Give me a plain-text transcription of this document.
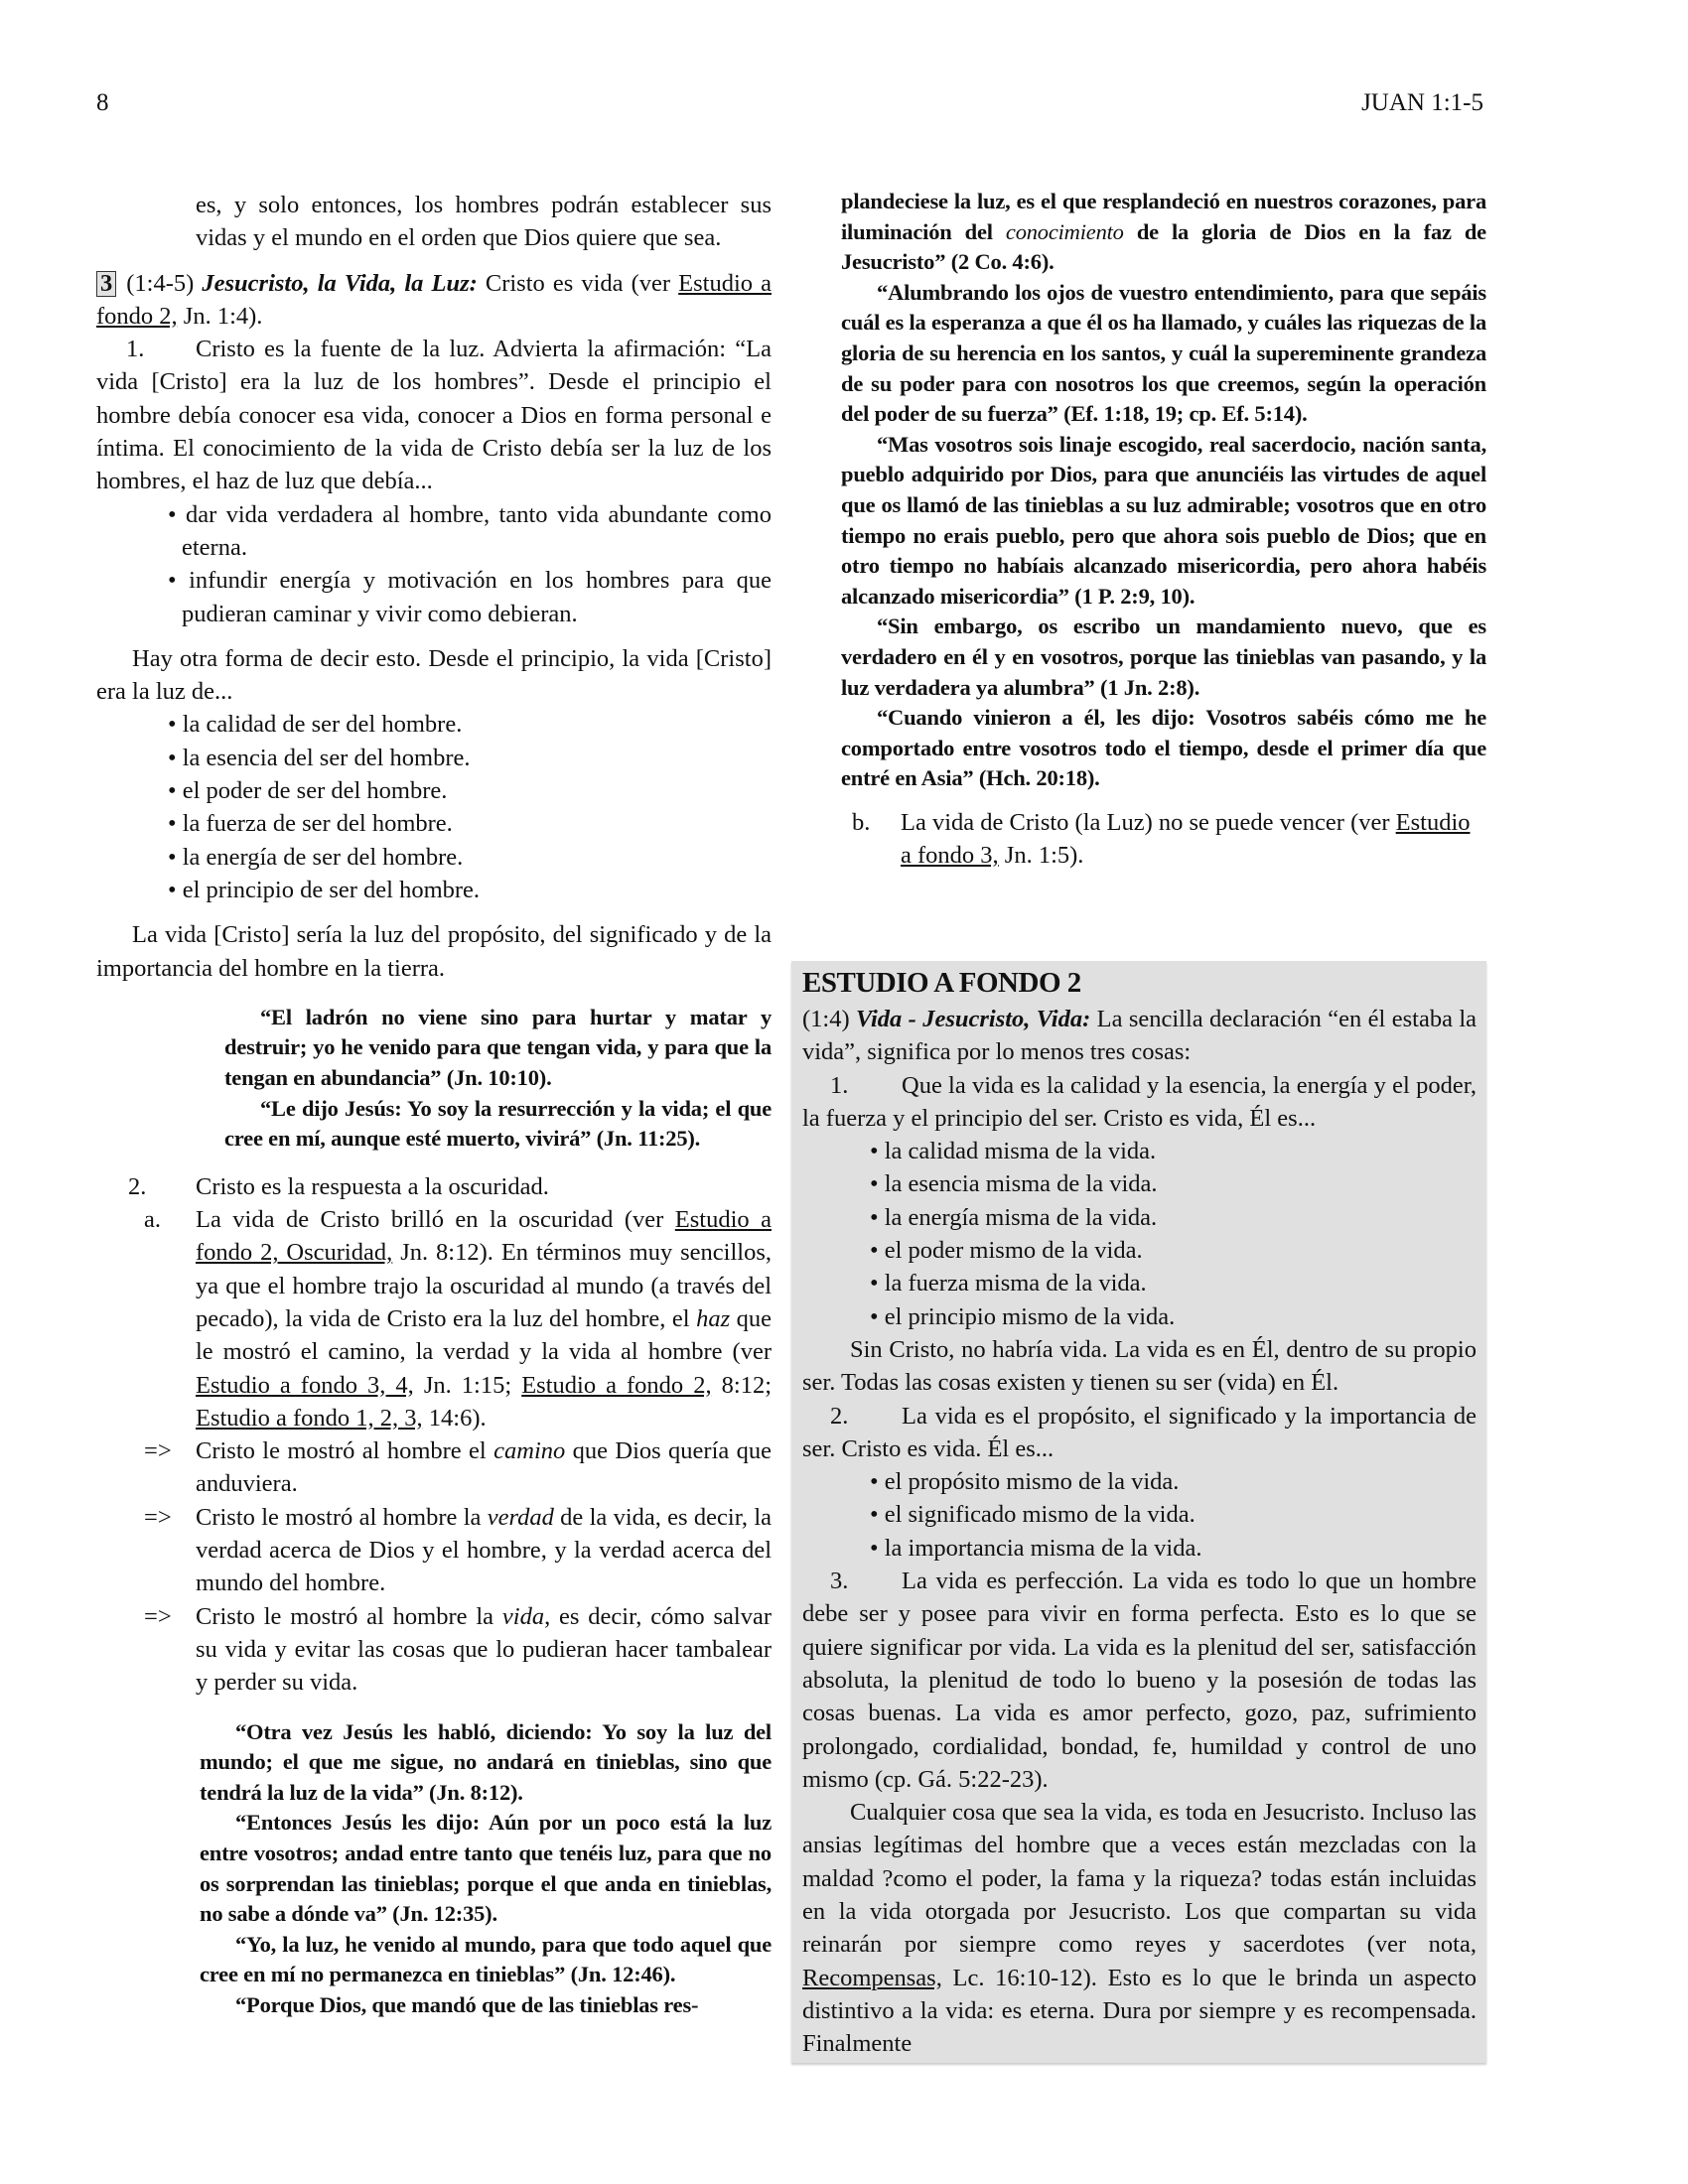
8	JUAN 1:1-5

es, y solo entonces, los hombres podrán establecer sus vidas y el mundo en el orden que Dios quiere que sea.

3 (1:4-5) Jesucristo, la Vida, la Luz: Cristo es vida (ver Estudio a fondo 2, Jn. 1:4).

1. Cristo es la fuente de la luz. Advierta la afirmación: “La vida [Cristo] era la luz de los hombres”. Desde el principio el hombre debía conocer esa vida, conocer a Dios en forma personal e íntima. El conocimiento de la vida de Cristo debía ser la luz de los hombres, el haz de luz que debía...

• dar vida verdadera al hombre, tanto vida abundante como eterna.

• infundir energía y motivación en los hombres para que pudieran caminar y vivir como debieran.

Hay otra forma de decir esto. Desde el principio, la vida [Cristo] era la luz de...

• la calidad de ser del hombre.

• la esencia del ser del hombre.

• el poder de ser del hombre.

• la fuerza de ser del hombre.

• la energía de ser del hombre.

• el principio de ser del hombre.

La vida [Cristo] sería la luz del propósito, del significado y de la importancia del hombre en la tierra.

“El ladrón no viene sino para hurtar y matar y destruir; yo he venido para que tengan vida, y para que la tengan en abundancia” (Jn. 10:10).

“Le dijo Jesús: Yo soy la resurrección y la vida; el que cree en mí, aunque esté muerto, vivirá” (Jn. 11:25).

2.	Cristo es la respuesta a la oscuridad.
a.	La vida de Cristo brilló en la oscuridad (ver Estudio a fondo 2, Oscuridad, Jn. 8:12). En términos muy sencillos, ya que el hombre trajo la oscuridad al mundo (a través del pecado), la vida de Cristo era la luz del hombre, el haz que le mostró el camino, la verdad y la vida al hombre (ver Estudio a fondo 3, 4, Jn. 1:15; Estudio a fondo 2, 8:12; Estudio a fondo 1, 2, 3, 14:6).
=> Cristo le mostró al hombre el camino que Dios quería que anduviera.
=> Cristo le mostró al hombre la verdad de la vida, es decir, la verdad acerca de Dios y el hombre, y la verdad acerca del mundo del hombre.
=> Cristo le mostró al hombre la vida, es decir, cómo salvar su vida y evitar las cosas que lo pudieran hacer tambalear y perder su vida.

“Otra vez Jesús les habló, diciendo: Yo soy la luz del mundo; el que me sigue, no andará en tinieblas, sino que tendrá la luz de la vida” (Jn. 8:12).

“Entonces Jesús les dijo: Aún por un poco está la luz entre vosotros; andad entre tanto que tenéis luz, para que no os sorprendan las tinieblas; porque el que anda en tinieblas, no sabe a dónde va” (Jn. 12:35).

“Yo, la luz, he venido al mundo, para que todo aquel que cree en mí no permanezca en tinieblas” (Jn. 12:46).

“Porque Dios, que mandó que de las tinieblas res-

plandeciese la luz, es el que resplandeció en nuestros corazones, para iluminación del conocimiento de la gloria de Dios en la faz de Jesucristo” (2 Co. 4:6).

“Alumbrando los ojos de vuestro entendimiento, para que sepáis cuál es la esperanza a que él os ha llamado, y cuáles las riquezas de la gloria de su herencia en los santos, y cuál la supereminente grandeza de su poder para con nosotros los que creemos, según la operación del poder de su fuerza” (Ef. 1:18, 19; cp. Ef. 5:14).

“Mas vosotros sois linaje escogido, real sacerdocio, nación santa, pueblo adquirido por Dios, para que anunciéis las virtudes de aquel que os llamó de las tinieblas a su luz admirable; vosotros que en otro tiempo no erais pueblo, pero que ahora sois pueblo de Dios; que en otro tiempo no habíais alcanzado misericordia, pero ahora habéis alcanzado misericordia” (1 P. 2:9, 10).

“Sin embargo, os escribo un mandamiento nuevo, que es verdadero en él y en vosotros, porque las tinieblas van pasando, y la luz verdadera ya alumbra” (1 Jn. 2:8).

“Cuando vinieron a él, les dijo: Vosotros sabéis cómo me he comportado entre vosotros todo el tiempo, desde el primer día que entré en Asia” (Hch. 20:18).

b.	La vida de Cristo (la Luz) no se puede vencer (ver Estudio a fondo 3, Jn. 1:5).
ESTUDIO A FONDO 2

(1:4) Vida - Jesucristo, Vida: La sencilla declaración “en él estaba la vida”, significa por lo menos tres cosas:

1. Que la vida es la calidad y la esencia, la energía y el poder, la fuerza y el principio del ser. Cristo es vida, Él es...

• la calidad misma de la vida.

• la esencia misma de la vida.

• la energía misma de la vida.

• el poder mismo de la vida.

• la fuerza misma de la vida.

• el principio mismo de la vida.

Sin Cristo, no habría vida. La vida es en Él, dentro de su propio ser. Todas las cosas existen y tienen su ser (vida) en Él.

2. La vida es el propósito, el significado y la importancia de ser. Cristo es vida. Él es...

• el propósito mismo de la vida.

• el significado mismo de la vida.

• la importancia misma de la vida.

3. La vida es perfección. La vida es todo lo que un hombre debe ser y posee para vivir en forma perfecta. Esto es lo que se quiere significar por vida. La vida es la plenitud del ser, satisfacción absoluta, la plenitud de todo lo bueno y la posesión de todas las cosas buenas. La vida es amor perfecto, gozo, paz, sufrimiento prolongado, cordialidad, bondad, fe, humildad y control de uno mismo (cp. Gá. 5:22-23).

Cualquier cosa que sea la vida, es toda en Jesucristo. Incluso las ansias legítimas del hombre que a veces están mezcladas con la maldad ?como el poder, la fama y la riqueza? todas están incluidas en la vida otorgada por Jesucristo. Los que compartan su vida reinarán por siempre como reyes y sacerdotes (ver nota, Recompensas, Lc. 16:10-12). Esto es lo que le brinda un aspecto distintivo a la vida: es eterna. Dura por siempre y es recompensada. Finalmente
